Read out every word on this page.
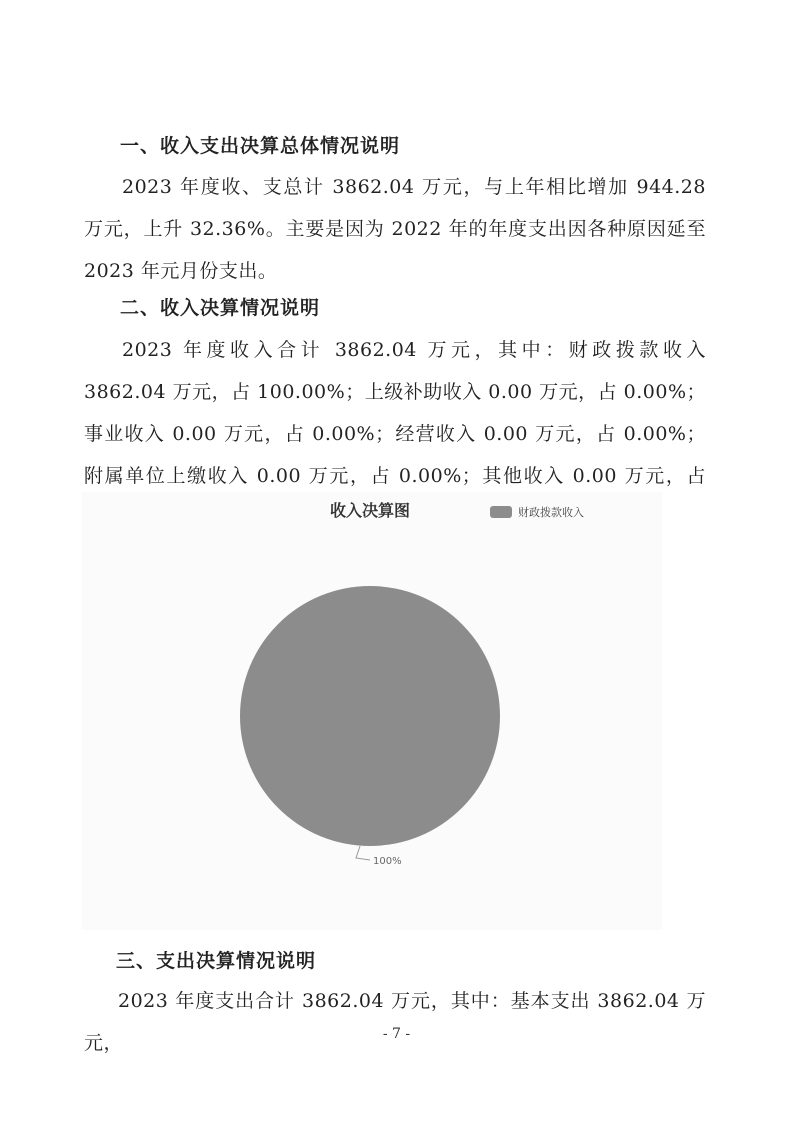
一、收入支出决算总体情况说明
2023 年度收、支总计 3862.04 万元，与上年相比增加 944.28 万元，上升 32.36%。主要是因为 2022 年的年度支出因各种原因延至 2023 年元月份支出。
二、收入决算情况说明
2023 年度收入合计 3862.04 万元，其中：财政拨款收入 3862.04 万元，占 100.00%；上级补助收入 0.00 万元，占 0.00%；事业收入 0.00 万元，占 0.00%；经营收入 0.00 万元，占 0.00%；附属单位上缴收入 0.00 万元，占 0.00%；其他收入 0.00 万元，占
100%
收入决算图	财政拨款收入
三、支出决算情况说明
2023 年度支出合计 3862.04 万元，其中：基本支出 3862.04 万元，	- 7 -
